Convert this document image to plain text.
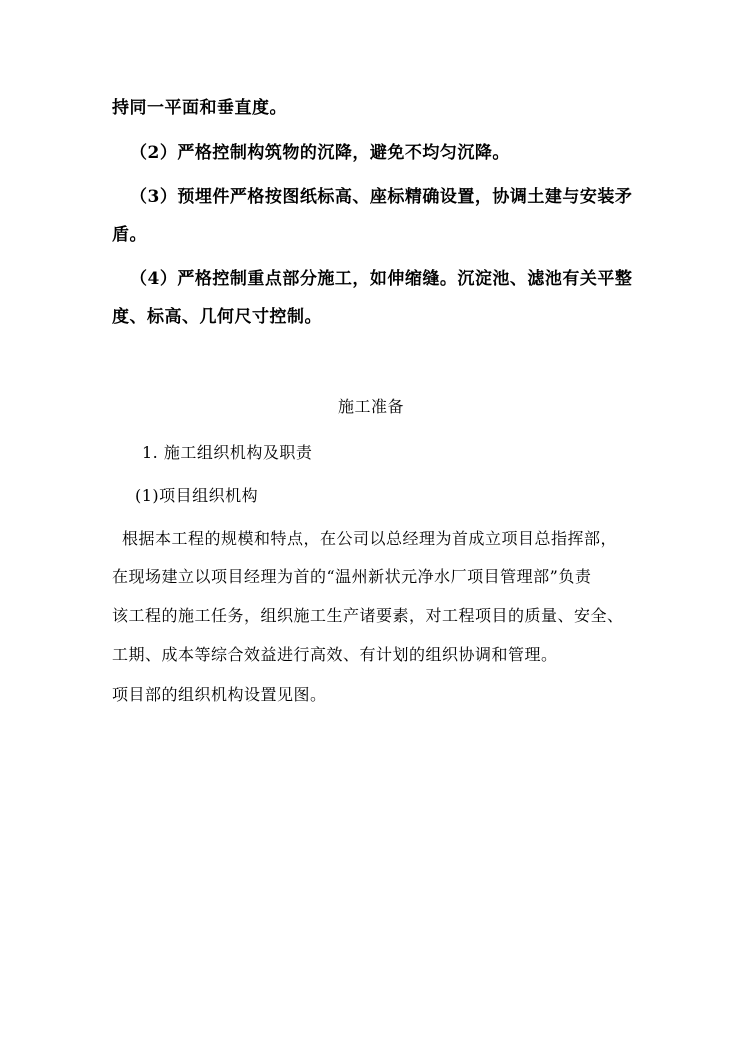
持同一平面和垂直度。
（2）严格控制构筑物的沉降，避免不均匀沉降。
（3）预埋件严格按图纸标高、座标精确设置，协调土建与安装矛
盾。
（4）严格控制重点部分施工，如伸缩缝。沉淀池、滤池有关平整
度、标高、几何尺寸控制。
施工准备
1. 施工组织机构及职责
(1)项目组织机构
根据本工程的规模和特点，在公司以总经理为首成立项目总指挥部，
在现场建立以项目经理为首的“温州新状元净水厂项目管理部”负责
该工程的施工任务，组织施工生产诸要素，对工程项目的质量、安全、
工期、成本等综合效益进行高效、有计划的组织协调和管理。
项目部的组织机构设置见图。
